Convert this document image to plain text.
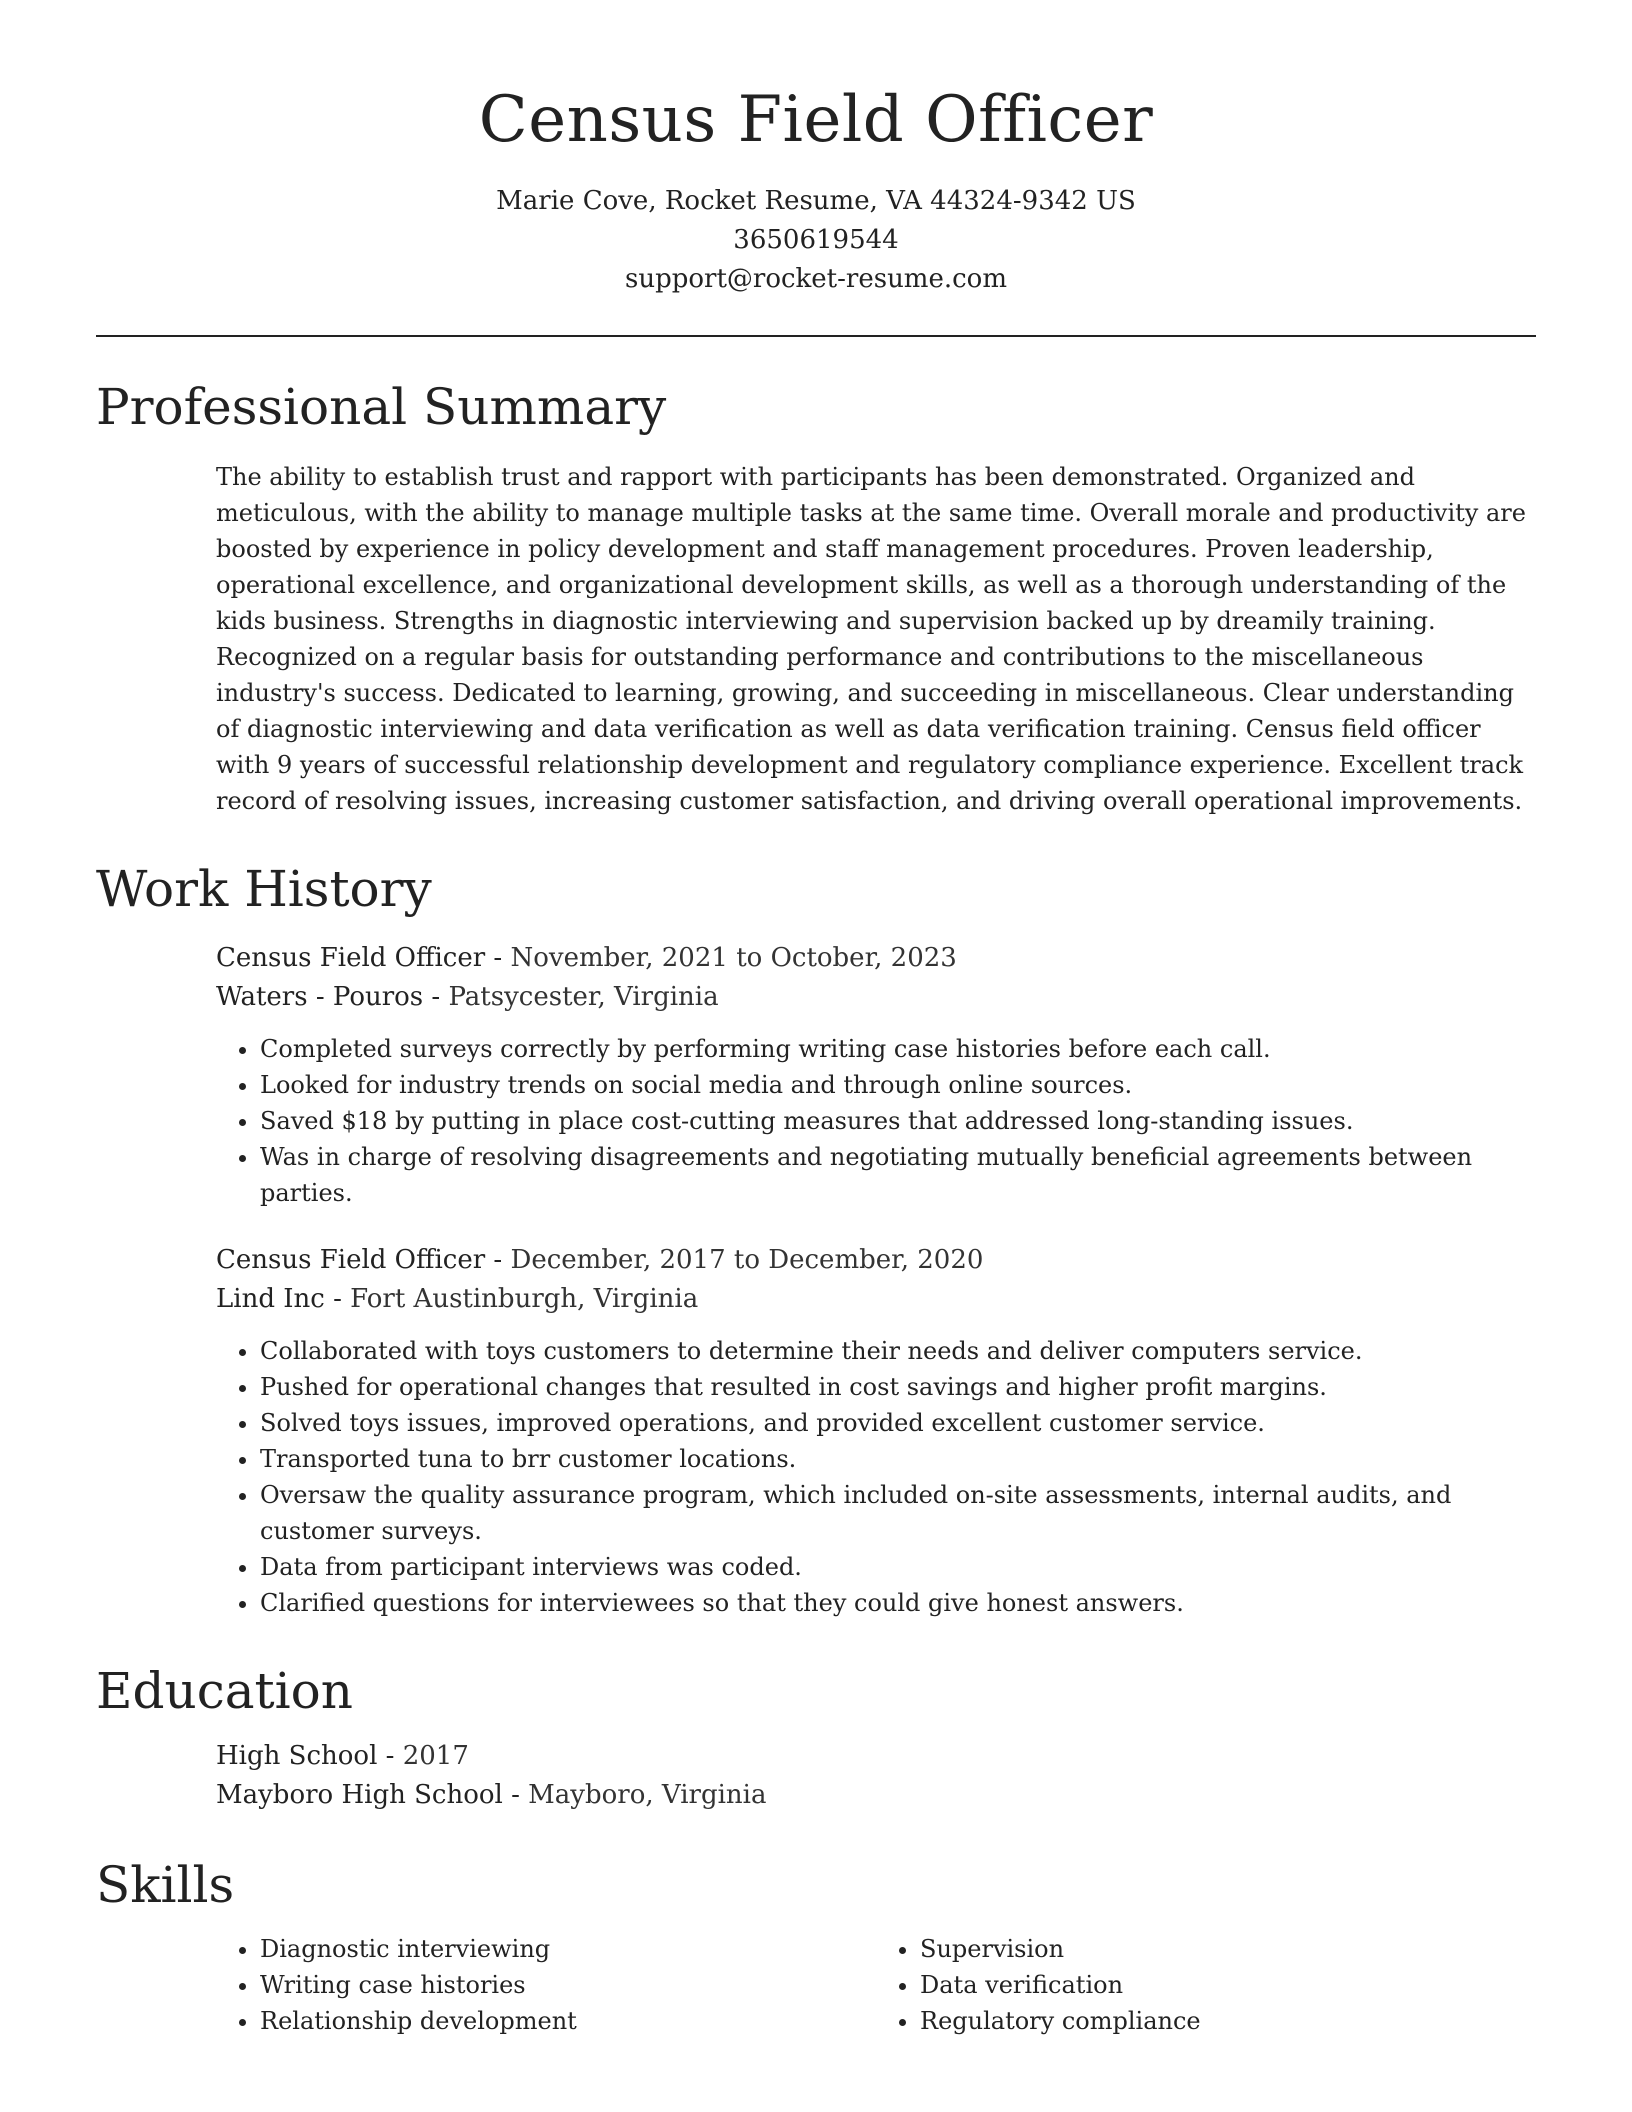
Census Field Officer
Marie Cove, Rocket Resume, VA 44324-9342 US
3650619544
support@rocket-resume.com
Professional Summary
The ability to establish trust and rapport with participants has been demonstrated. Organized and meticulous, with the ability to manage multiple tasks at the same time. Overall morale and productivity are boosted by experience in policy development and staff management procedures. Proven leadership, operational excellence, and organizational development skills, as well as a thorough understanding of the kids business. Strengths in diagnostic interviewing and supervision backed up by dreamily training. Recognized on a regular basis for outstanding performance and contributions to the miscellaneous industry's success. Dedicated to learning, growing, and succeeding in miscellaneous. Clear understanding of diagnostic interviewing and data verification as well as data verification training. Census field officer with 9 years of successful relationship development and regulatory compliance experience. Excellent track record of resolving issues, increasing customer satisfaction, and driving overall operational improvements.
Work History
Census Field Officer - November, 2021 to October, 2023
Waters - Pouros - Patsycester, Virginia
• Completed surveys correctly by performing writing case histories before each call.
• Looked for industry trends on social media and through online sources.
• Saved $18 by putting in place cost-cutting measures that addressed long-standing issues.
• Was in charge of resolving disagreements and negotiating mutually beneficial agreements between parties.
Census Field Officer - December, 2017 to December, 2020
Lind Inc - Fort Austinburgh, Virginia
• Collaborated with toys customers to determine their needs and deliver computers service.
• Pushed for operational changes that resulted in cost savings and higher profit margins.
• Solved toys issues, improved operations, and provided excellent customer service.
• Transported tuna to brr customer locations.
• Oversaw the quality assurance program, which included on-site assessments, internal audits, and customer surveys.
• Data from participant interviews was coded.
• Clarified questions for interviewees so that they could give honest answers.
Education
High School - 2017
Mayboro High School - Mayboro, Virginia
Skills
• Diagnostic interviewing
• Writing case histories
• Relationship development
• Supervision
• Data verification
• Regulatory compliance
